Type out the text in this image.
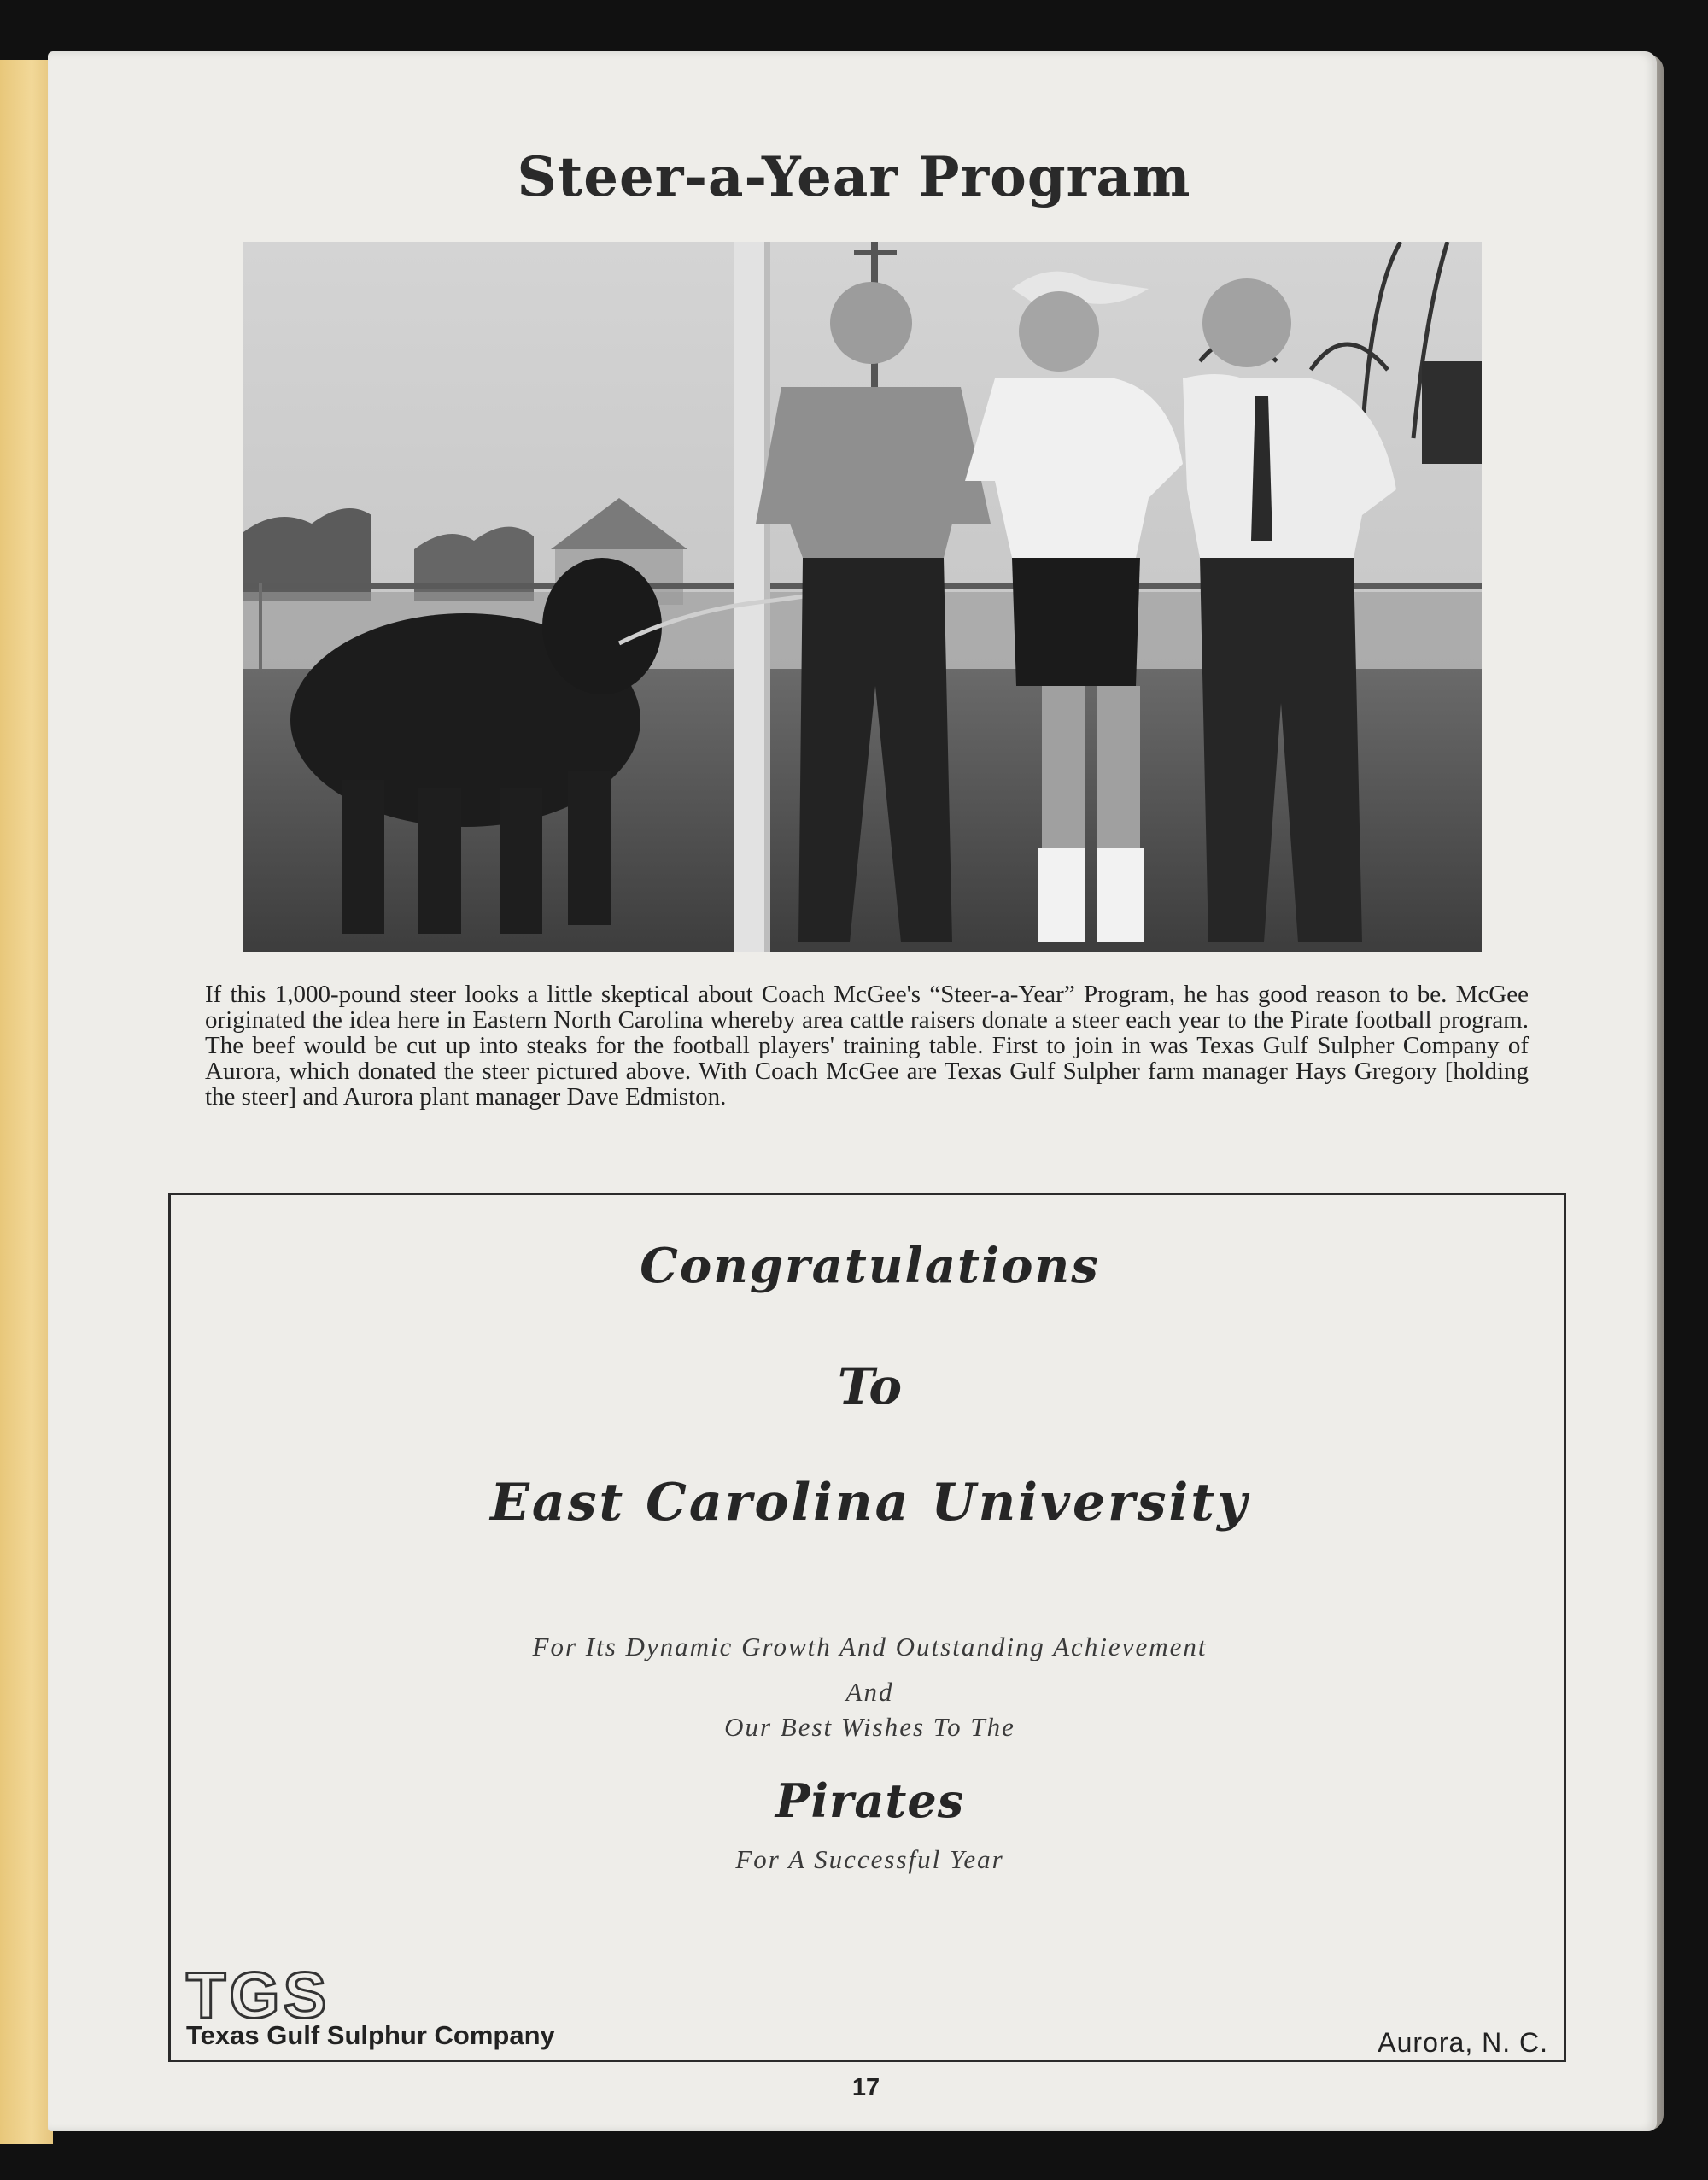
Steer-a-Year Program
If this 1,000-pound steer looks a little skeptical about Coach McGee's “Steer-a-Year” Program, he has good reason to be. McGee originated the idea here in Eastern North Carolina whereby area cattle raisers donate a steer each year to the Pirate football program. The beef would be cut up into steaks for the football players' training table. First to join in was Texas Gulf Sulpher Company of Aurora, which donated the steer pictured above. With Coach McGee are Texas Gulf Sulpher farm manager Hays Gregory [holding the steer] and Aurora plant manager Dave Edmiston.
Congratulations
To
East Carolina University
For Its Dynamic Growth And Outstanding Achievement
And
Our Best Wishes To The
Pirates
For A Successful Year
TGS
Texas Gulf Sulphur Company	Aurora, N. C.
17
